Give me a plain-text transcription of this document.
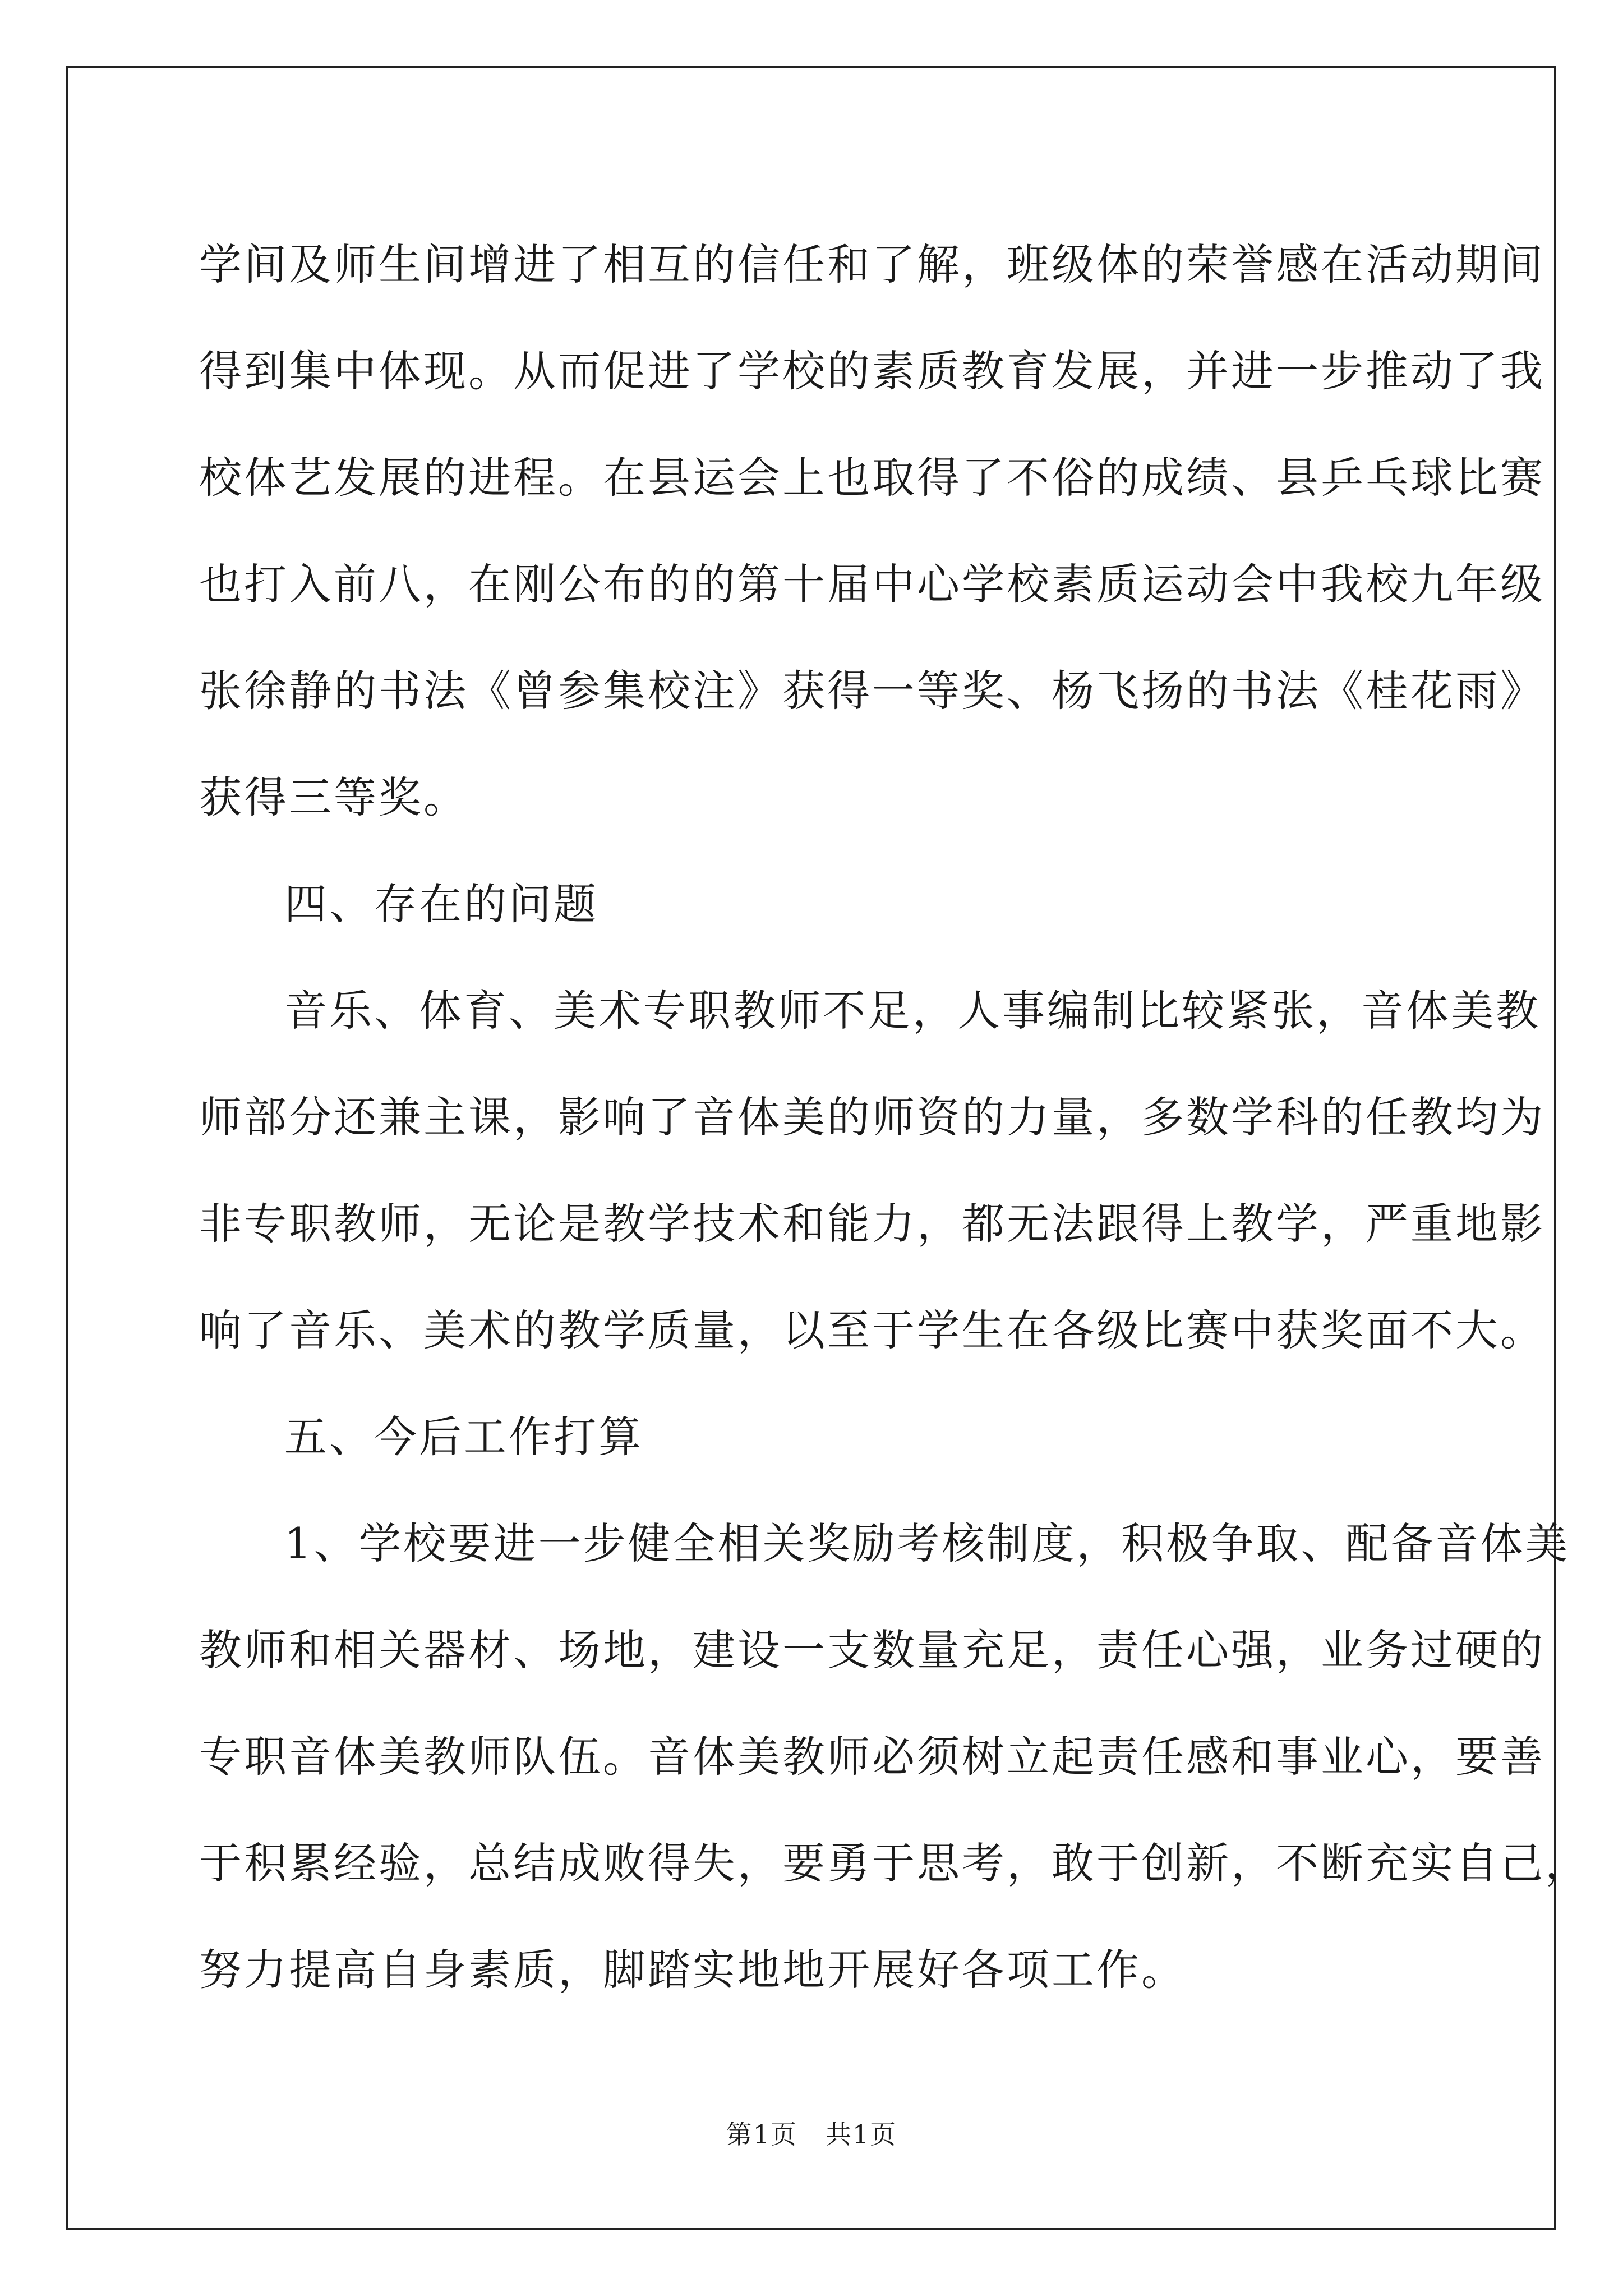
学间及师生间增进了相互的信任和了解，班级体的荣誉感在活动期间
得到集中体现。从而促进了学校的素质教育发展，并进一步推动了我
校体艺发展的进程。在县运会上也取得了不俗的成绩、县乒乓球比赛
也打入前八，在刚公布的的第十届中心学校素质运动会中我校九年级
张徐静的书法《曾参集校注》获得一等奖、杨飞扬的书法《桂花雨》
获得三等奖。
四、存在的问题
音乐、体育、美术专职教师不足，人事编制比较紧张，音体美教
师部分还兼主课，影响了音体美的师资的力量，多数学科的任教均为
非专职教师，无论是教学技术和能力，都无法跟得上教学，严重地影
响了音乐、美术的教学质量，以至于学生在各级比赛中获奖面不大。
五、今后工作打算
1、学校要进一步健全相关奖励考核制度，积极争取、配备音体美
教师和相关器材、场地，建设一支数量充足，责任心强，业务过硬的
专职音体美教师队伍。音体美教师必须树立起责任感和事业心，要善
于积累经验，总结成败得失，要勇于思考，敢于创新，不断充实自己，
努力提高自身素质，脚踏实地地开展好各项工作。
第1页 共1页
